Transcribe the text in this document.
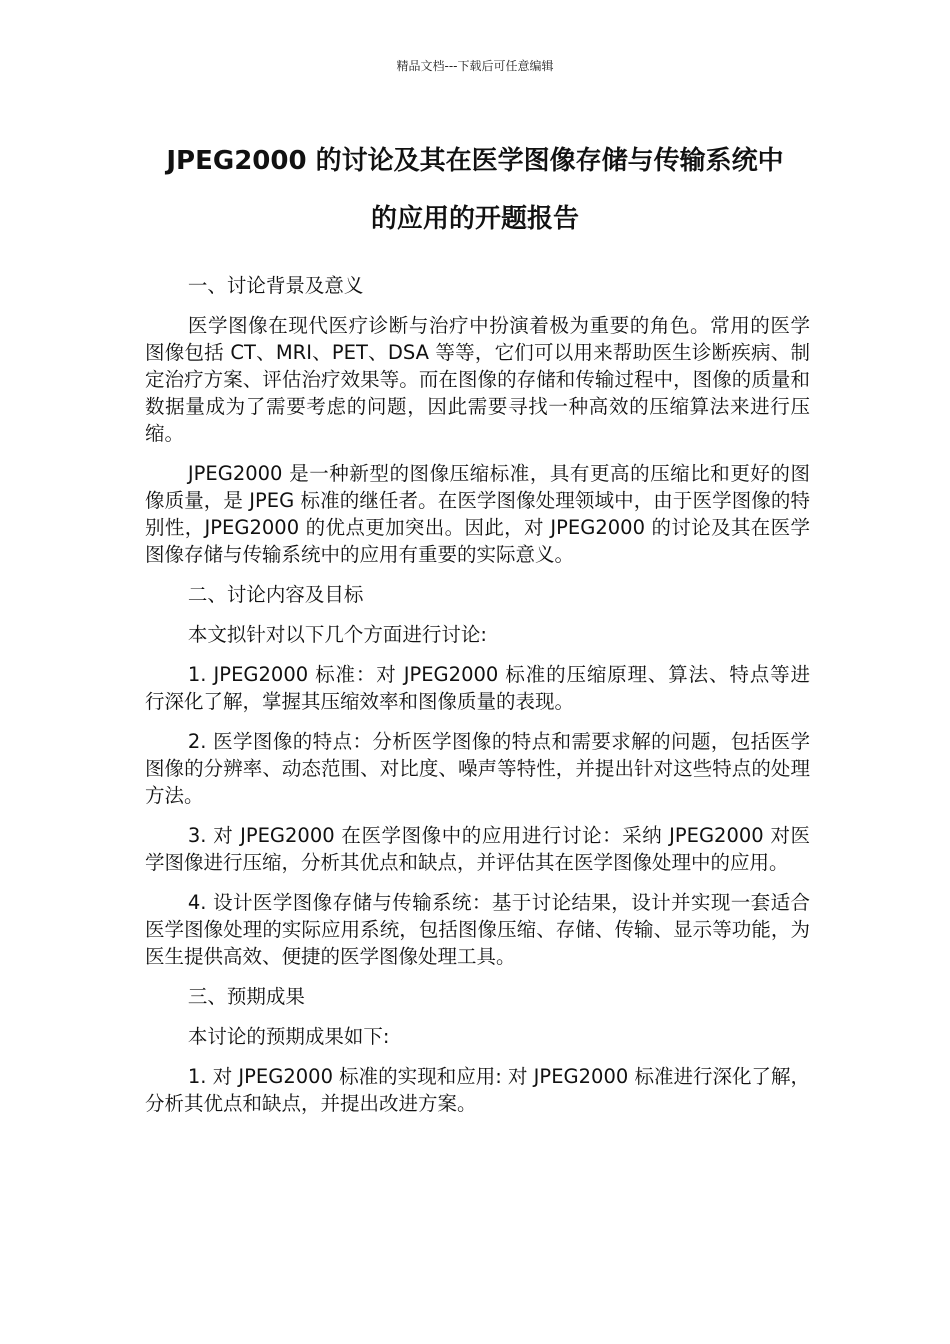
精品文档---下载后可任意编辑
JPEG2000 的讨论及其在医学图像存储与传输系统中
的应用的开题报告

一、讨论背景及意义

医学图像在现代医疗诊断与治疗中扮演着极为重要的角色。常用的医学图像包括 CT、MRI、PET、DSA 等等，它们可以用来帮助医生诊断疾病、制定治疗方案、评估治疗效果等。而在图像的存储和传输过程中，图像的质量和数据量成为了需要考虑的问题，因此需要寻找一种高效的压缩算法来进行压缩。

JPEG2000 是一种新型的图像压缩标准，具有更高的压缩比和更好的图像质量，是 JPEG 标准的继任者。在医学图像处理领域中，由于医学图像的特别性，JPEG2000 的优点更加突出。因此，对 JPEG2000 的讨论及其在医学图像存储与传输系统中的应用有重要的实际意义。

二、讨论内容及目标

本文拟针对以下几个方面进行讨论:

1. JPEG2000 标准：对 JPEG2000 标准的压缩原理、算法、特点等进行深化了解，掌握其压缩效率和图像质量的表现。

2. 医学图像的特点：分析医学图像的特点和需要求解的问题，包括医学图像的分辨率、动态范围、对比度、噪声等特性，并提出针对这些特点的处理方法。

3. 对 JPEG2000 在医学图像中的应用进行讨论：采纳 JPEG2000 对医学图像进行压缩，分析其优点和缺点，并评估其在医学图像处理中的应用。

4. 设计医学图像存储与传输系统：基于讨论结果，设计并实现一套适合医学图像处理的实际应用系统，包括图像压缩、存储、传输、显示等功能，为医生提供高效、便捷的医学图像处理工具。

三、预期成果

本讨论的预期成果如下:

1. 对 JPEG2000 标准的实现和应用: 对 JPEG2000 标准进行深化了解，分析其优点和缺点，并提出改进方案。
